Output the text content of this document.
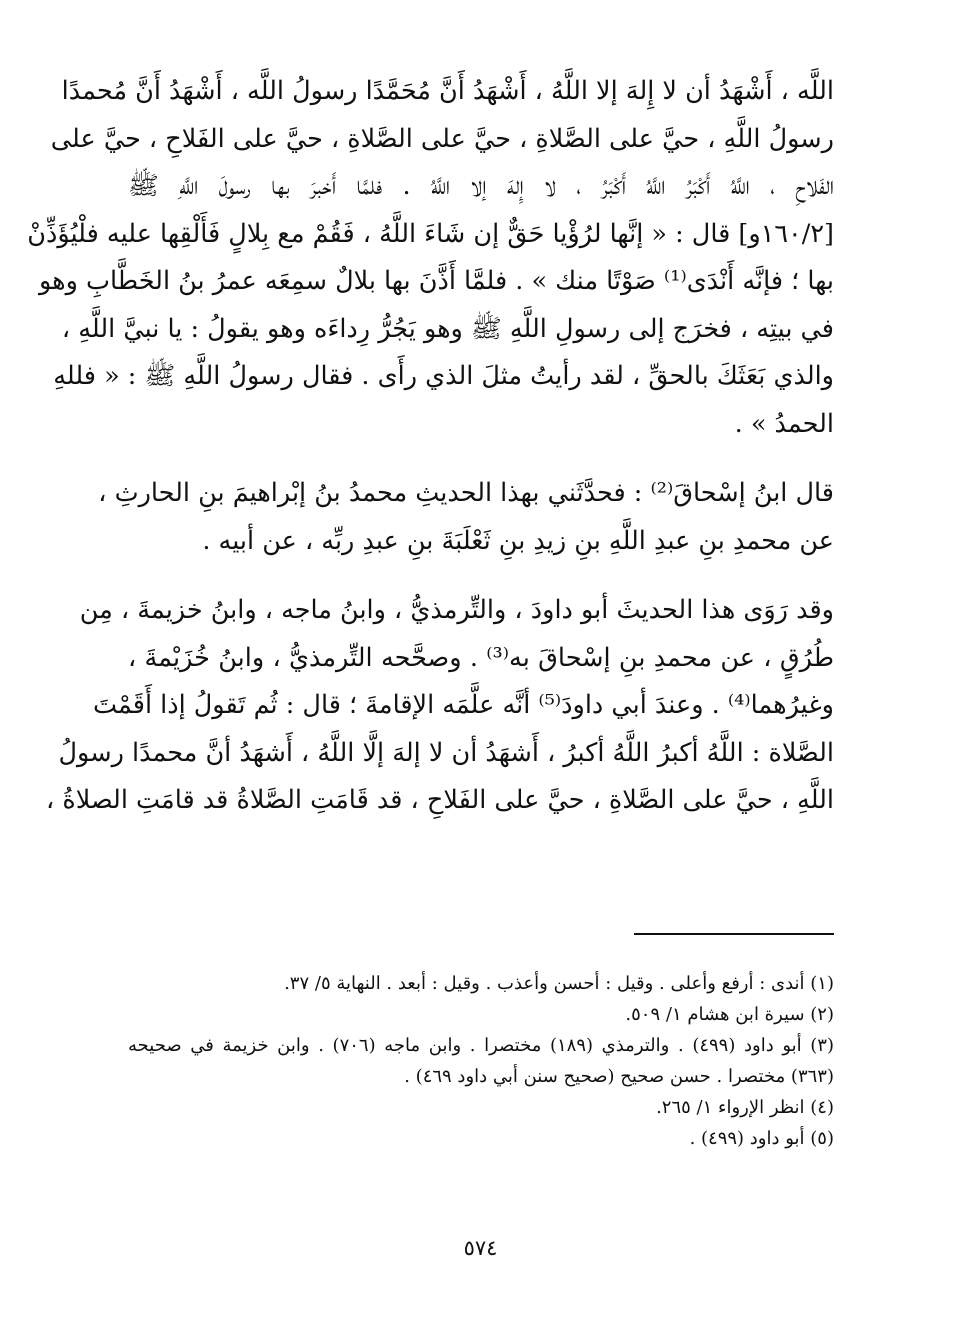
اللَّه ، أَشْهَدُ أن لا إِلهَ إلا اللَّهُ ، أَشْهَدُ أَنَّ مُحَمَّدًا رسولُ اللَّه ، أَشْهَدُ أَنَّ مُحمدًا
رسولُ اللَّهِ ، حيَّ على الصَّلاةِ ، حيَّ على الصَّلاةِ ، حيَّ على الفَلاحِ ، حيَّ على
الفَلاحِ ، اللَّهُ أَكْبَرُ اللَّهُ أَكْبَرُ ، لا إِلهَ إلا اللَّهُ . فلمَّا أَخبرَ بها رسولَ اللَّهِ ﷺ
[١٦٠/٢و] قال : « إنَّها لرُؤْيا حَقٌّ إن شَاءَ اللَّهُ ، فَقُمْ مع بِلالٍ فَأَلْقِها عليه فلْيُؤَذِّنْ
بها ؛ فإنَّه أَنْدَى⁽¹⁾ صَوْتًا منك » . فلمَّا أَذَّنَ بها بلالٌ سمِعَه عمرُ بنُ الخَطَّابِ وهو
في بيتِه ، فخرَج إلى رسولِ اللَّهِ ﷺ وهو يَجُرُّ رِداءَه وهو يقولُ : يا نبيَّ اللَّهِ ،
والذي بَعَثَكَ بالحقِّ ، لقد رأيتُ مثلَ الذي رأَى . فقال رسولُ اللَّهِ ﷺ : « فللهِ
الحمدُ » .
قال ابنُ إسْحاقَ⁽²⁾ : فحدَّثَني بهذا الحديثِ محمدُ بنُ إبْراهيمَ بنِ الحارثِ ،
عن محمدِ بنِ عبدِ اللَّهِ بنِ زيدِ بنِ ثَعْلَبَةَ بنِ عبدِ ربِّه ، عن أبيه .
وقد رَوَى هذا الحديثَ أبو داودَ ، والتِّرمذيُّ ، وابنُ ماجه ، وابنُ خزيمةَ ، مِن
طُرُقٍ ، عن محمدِ بنِ إسْحاقَ به⁽³⁾ . وصحَّحه التِّرمذيُّ ، وابنُ خُزَيْمةَ ،
وغيرُهما⁽⁴⁾ . وعندَ أبي داودَ⁽⁵⁾ أنَّه علَّمَه الإقامةَ ؛ قال : ثُم تَقولُ إذا أَقَمْتَ
الصَّلاة : اللَّهُ أكبرُ اللَّهُ أكبرُ ، أَشهَدُ أن لا إلهَ إلَّا اللَّهُ ، أَشهَدُ أنَّ محمدًا رسولُ
اللَّهِ ، حيَّ على الصَّلاةِ ، حيَّ على الفَلاحِ ، قد قَامَتِ الصَّلاةُ قد قامَتِ الصلاةُ ،
(١) أندى : أرفع وأعلى . وقيل : أحسن وأعذب . وقيل : أبعد . النهاية ٥/ ٣٧.
(٢) سيرة ابن هشام ١/ ٥٠٩.
(٣) أبو داود (٤٩٩) . والترمذي (١٨٩) مختصرا . وابن ماجه (٧٠٦) . وابن خزيمة في صحيحه
(٣٦٣) مختصرا . حسن صحيح (صحيح سنن أبي داود ٤٦٩) .
(٤) انظر الإرواء ١/ ٢٦٥.
(٥) أبو داود (٤٩٩) .
٥٧٤
